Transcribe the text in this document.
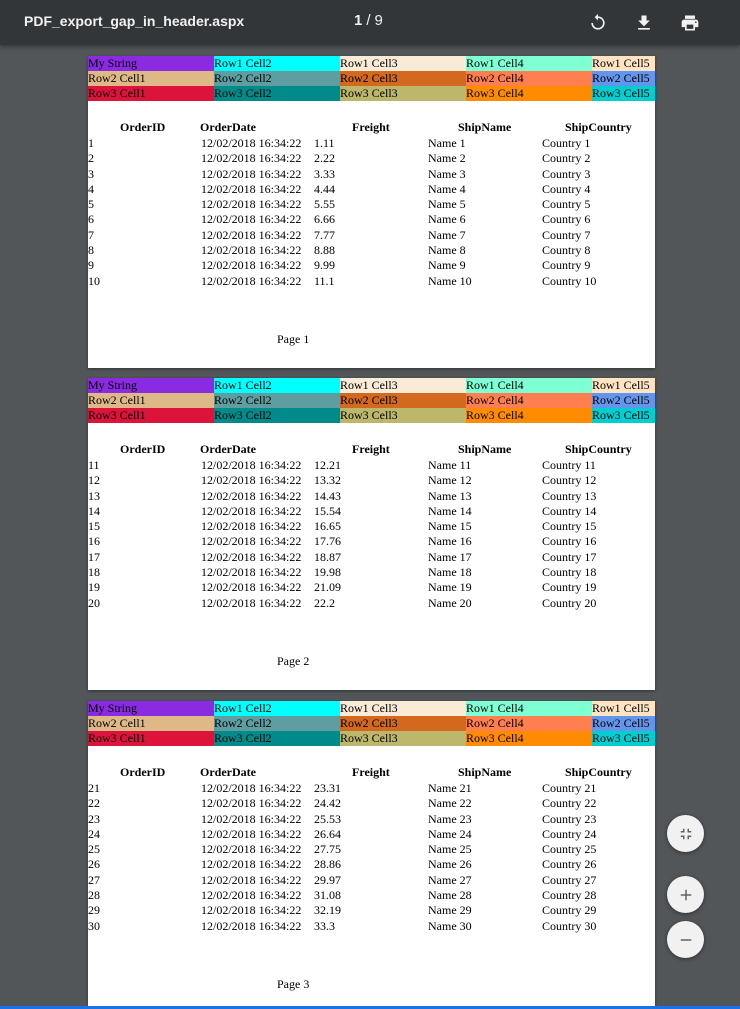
PDF_export_gap_in_header.aspx	1 / 9
My String	Row1 Cell2	Row1 Cell3	Row1 Cell4	Row1 Cell5
Row2 Cell1	Row2 Cell2	Row2 Cell3	Row2 Cell4	Row2 Cell5
Row3 Cell1	Row3 Cell2	Row3 Cell3	Row3 Cell4	Row3 Cell5
OrderID	OrderDate	Freight	ShipName	ShipCountry
1	12/02/2018 16:34:22 1.11	Name 1	Country 1
2	12/02/2018 16:34:22 2.22	Name 2	Country 2
3	12/02/2018 16:34:22 3.33	Name 3	Country 3
4	12/02/2018 16:34:22 4.44	Name 4	Country 4
5	12/02/2018 16:34:22 5.55	Name 5	Country 5
6	12/02/2018 16:34:22 6.66	Name 6	Country 6
7	12/02/2018 16:34:22 7.77	Name 7	Country 7
8	12/02/2018 16:34:22 8.88	Name 8	Country 8
9	12/02/2018 16:34:22 9.99	Name 9	Country 9
10	12/02/2018 16:34:22 11.1	Name 10	Country 10
Page 1
My String	Row1 Cell2	Row1 Cell3	Row1 Cell4	Row1 Cell5
Row2 Cell1	Row2 Cell2	Row2 Cell3	Row2 Cell4	Row2 Cell5
Row3 Cell1	Row3 Cell2	Row3 Cell3	Row3 Cell4	Row3 Cell5
OrderID	OrderDate	Freight	ShipName	ShipCountry
11	12/02/2018 16:34:22 12.21	Name 11	Country 11
12	12/02/2018 16:34:22 13.32	Name 12	Country 12
13	12/02/2018 16:34:22 14.43	Name 13	Country 13
14	12/02/2018 16:34:22 15.54	Name 14	Country 14
15	12/02/2018 16:34:22 16.65	Name 15	Country 15
16	12/02/2018 16:34:22 17.76	Name 16	Country 16
17	12/02/2018 16:34:22 18.87	Name 17	Country 17
18	12/02/2018 16:34:22 19.98	Name 18	Country 18
19	12/02/2018 16:34:22 21.09	Name 19	Country 19
20	12/02/2018 16:34:22 22.2	Name 20	Country 20
Page 2
My String	Row1 Cell2	Row1 Cell3	Row1 Cell4	Row1 Cell5
Row2 Cell1	Row2 Cell2	Row2 Cell3	Row2 Cell4	Row2 Cell5
Row3 Cell1	Row3 Cell2	Row3 Cell3	Row3 Cell4	Row3 Cell5
OrderID	OrderDate	Freight	ShipName	ShipCountry
21	12/02/2018 16:34:22 23.31	Name 21	Country 21
22	12/02/2018 16:34:22 24.42	Name 22	Country 22
23	12/02/2018 16:34:22 25.53	Name 23	Country 23
24	12/02/2018 16:34:22 26.64	Name 24	Country 24
25	12/02/2018 16:34:22 27.75	Name 25	Country 25
26	12/02/2018 16:34:22 28.86	Name 26	Country 26
27	12/02/2018 16:34:22 29.97	Name 27	Country 27
28	12/02/2018 16:34:22 31.08	Name 28	Country 28
29	12/02/2018 16:34:22 32.19	Name 29	Country 29
30	12/02/2018 16:34:22 33.3	Name 30	Country 30
Page 3
